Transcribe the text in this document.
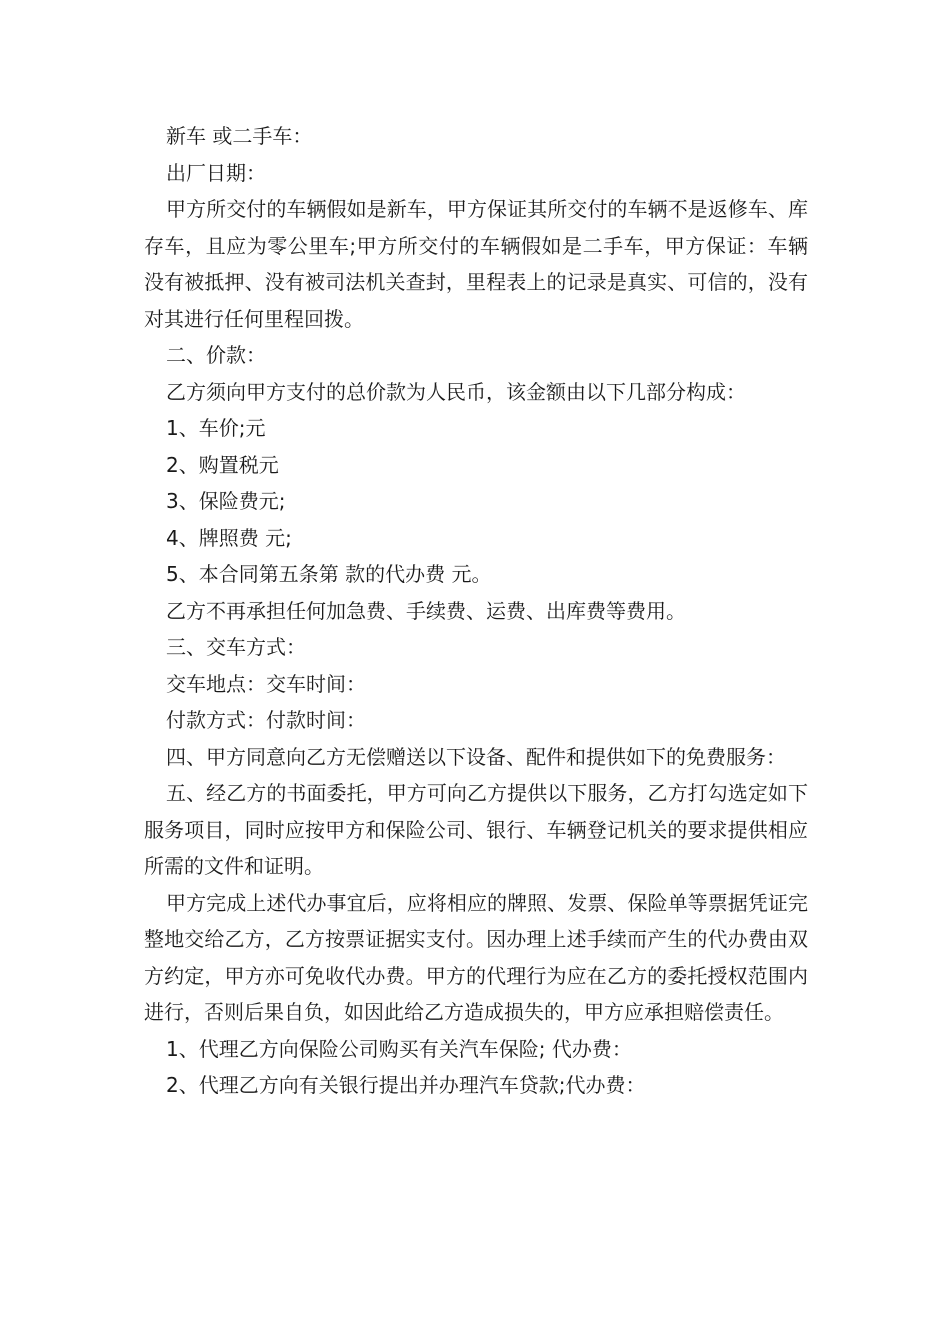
新车 或二手车：

出厂日期：

甲方所交付的车辆假如是新车，甲方保证其所交付的车辆不是返修车、库存车，且应为零公里车;甲方所交付的车辆假如是二手车，甲方保证：车辆没有被抵押、没有被司法机关查封，里程表上的记录是真实、可信的，没有对其进行任何里程回拨。

二、价款：

乙方须向甲方支付的总价款为人民币，该金额由以下几部分构成：

1、车价;元

2、购置税元

3、保险费元;

4、牌照费 元;

5、本合同第五条第 款的代办费 元。

乙方不再承担任何加急费、手续费、运费、出库费等费用。

三、交车方式：

交车地点：交车时间：

付款方式：付款时间：

四、甲方同意向乙方无偿赠送以下设备、配件和提供如下的免费服务：

五、经乙方的书面委托，甲方可向乙方提供以下服务，乙方打勾选定如下服务项目，同时应按甲方和保险公司、银行、车辆登记机关的要求提供相应所需的文件和证明。

甲方完成上述代办事宜后，应将相应的牌照、发票、保险单等票据凭证完整地交给乙方，乙方按票证据实支付。因办理上述手续而产生的代办费由双方约定，甲方亦可免收代办费。甲方的代理行为应在乙方的委托授权范围内进行，否则后果自负，如因此给乙方造成损失的，甲方应承担赔偿责任。

1、代理乙方向保险公司购买有关汽车保险; 代办费：

2、代理乙方向有关银行提出并办理汽车贷款;代办费：
